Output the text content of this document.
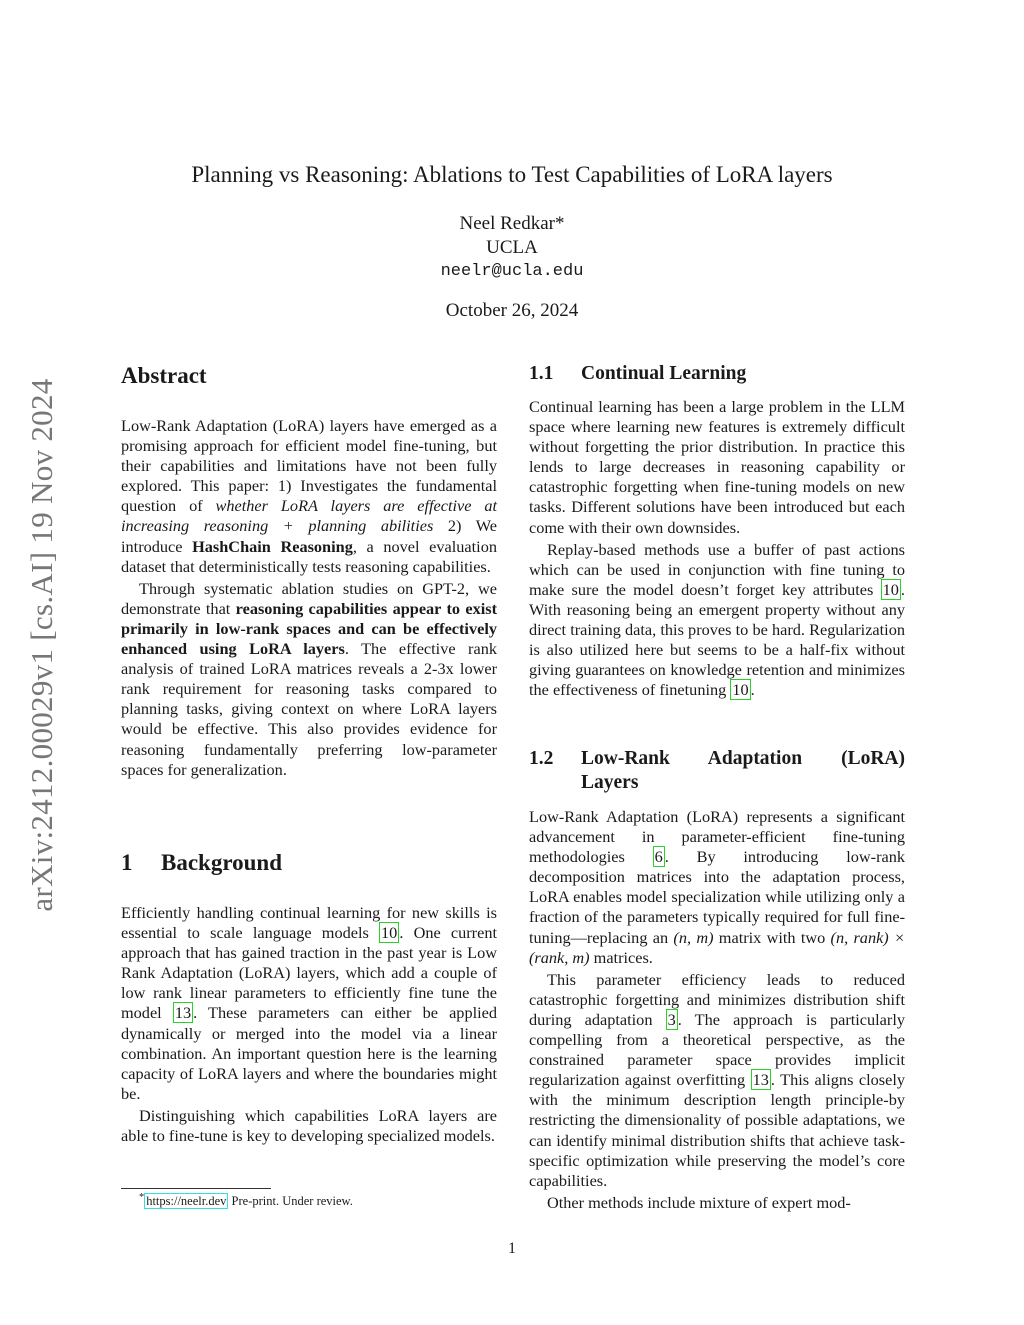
arXiv:2412.00029v1 [cs.AI] 19 Nov 2024
Planning vs Reasoning: Ablations to Test Capabilities of LoRA layers
Neel Redkar*
UCLA
neelr@ucla.edu
October 26, 2024
Abstract

Low-Rank Adaptation (LoRA) layers have emerged as a promising approach for efficient model fine-tuning, but their capabilities and limitations have not been fully explored. This paper: 1) Investigates the fundamental question of whether LoRA layers are effective at increasing reasoning + planning abilities 2) We introduce HashChain Reasoning, a novel evaluation dataset that deterministically tests reasoning capabilities.

Through systematic ablation studies on GPT-2, we demonstrate that reasoning capabilities appear to exist primarily in low-rank spaces and can be effectively enhanced using LoRA layers. The effective rank analysis of trained LoRA matrices reveals a 2-3x lower rank requirement for reasoning tasks compared to planning tasks, giving context on where LoRA layers would be effective. This also provides evidence for reasoning fundamentally preferring low-parameter spaces for generalization.

1 Background

Efficiently handling continual learning for new skills is essential to scale language models 10 . One current approach that has gained traction in the past year is Low Rank Adaptation (LoRA) layers, which add a couple of low rank linear parameters to efficiently fine tune the model 13 . These parameters can either be applied dynamically or merged into the model via a linear combination. An important question here is the learning capacity of LoRA layers and where the boundaries might be.

Distinguishing which capabilities LoRA layers are able to fine-tune is key to developing specialized models.

* https://neelr.dev Pre-print. Under review.
1.1 Continual Learning

Continual learning has been a large problem in the LLM space where learning new features is extremely difficult without forgetting the prior distribution. In practice this lends to large decreases in reasoning capability or catastrophic forgetting when fine-tuning models on new tasks. Different solutions have been introduced but each come with their own downsides.

Replay-based methods use a buffer of past actions which can be used in conjunction with fine tuning to make sure the model doesn’t forget key attributes 10 . With reasoning being an emergent property without any direct training data, this proves to be hard. Regularization is also utilized here but seems to be a half-fix without giving guarantees on knowledge retention and minimizes the effectiveness of finetuning 10 .

1.2	Low-Rank Adaptation (LoRA) Layers

Low-Rank Adaptation (LoRA) represents a significant advancement in parameter-efficient fine-tuning methodologies 6 . By introducing low-rank decomposition matrices into the adaptation process, LoRA enables model specialization while utilizing only a fraction of the parameters typically required for full fine-tuning—replacing an (n, m) matrix with two (n, rank) × (rank, m) matrices.

This parameter efficiency leads to reduced catastrophic forgetting and minimizes distribution shift during adaptation 3 . The approach is particularly compelling from a theoretical perspective, as the constrained parameter space provides implicit regularization against overfitting 13 . This aligns closely with the minimum description length principle-by restricting the dimensionality of possible adaptations, we can identify minimal distribution shifts that achieve task-specific optimization while preserving the model’s core capabilities.

Other methods include mixture of expert mod-

1
